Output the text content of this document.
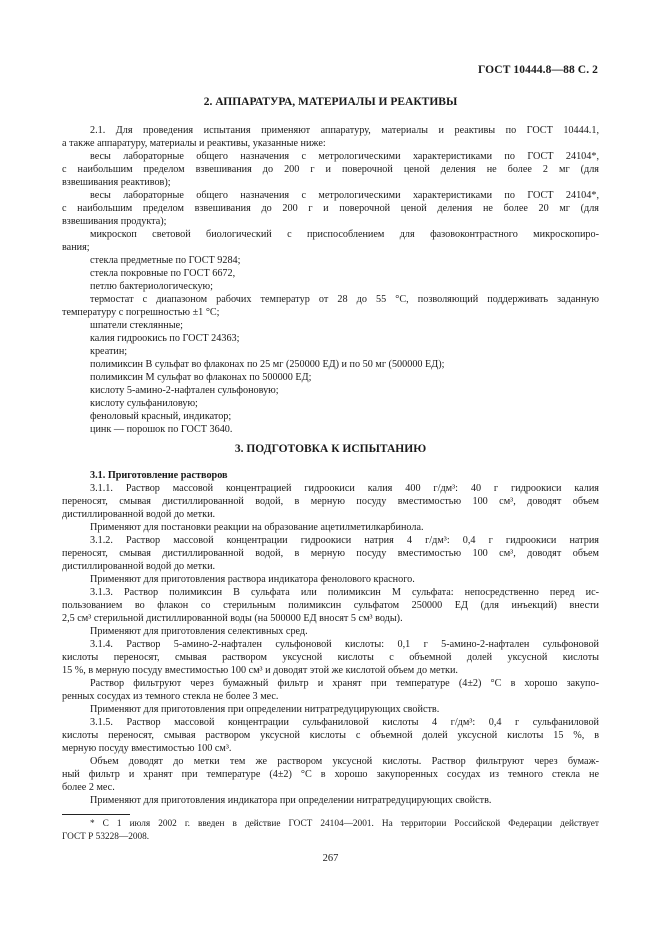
ГОСТ 10444.8—88 С. 2
2. АППАРАТУРА, МАТЕРИАЛЫ И РЕАКТИВЫ
2.1. Для проведения испытания применяют аппаратуру, материалы и реактивы по ГОСТ 10444.1,
а также аппаратуру, материалы и реактивы, указанные ниже:
весы лабораторные общего назначения с метрологическими характеристиками по ГОСТ 24104*,
с наибольшим пределом взвешивания до 200 г и поверочной ценой деления не более 2 мг (для
взвешивания реактивов);
весы лабораторные общего назначения с метрологическими характеристиками по ГОСТ 24104*,
с наибольшим пределом взвешивания до 200 г и поверочной ценой деления не более 20 мг (для
взвешивания продукта);
микроскоп световой биологический с приспособлением для фазовоконтрастного микроскопиро-
вания;
стекла предметные по ГОСТ 9284;
стекла покровные по ГОСТ 6672,
петлю бактериологическую;
термостат с диапазоном рабочих температур от 28 до 55 °С, позволяющий поддерживать заданную
температуру с погрешностью ±1 °С;
шпатели стеклянные;
калия гидроокись по ГОСТ 24363;
креатин;
полимиксин В сульфат во флаконах по 25 мг (250000 ЕД) и по 50 мг (500000 ЕД);
полимиксин М сульфат во флаконах по 500000 ЕД;
кислоту 5-амино-2-нафтален сульфоновую;
кислоту сульфаниловую;
феноловый красный, индикатор;
цинк — порошок по ГОСТ 3640.
3. ПОДГОТОВКА К ИСПЫТАНИЮ
3.1. Приготовление растворов
3.1.1. Раствор массовой концентрацией гидроокиси калия 400 г/дм³: 40 г гидроокиси калия
переносят, смывая дистиллированной водой, в мерную посуду вместимостью 100 см³, доводят объем
дистиллированной водой до метки.
Применяют для постановки реакции на образование ацетилметилкарбинола.
3.1.2. Раствор массовой концентрации гидроокиси натрия 4 г/дм³: 0,4 г гидроокиси натрия
переносят, смывая дистиллированной водой, в мерную посуду вместимостью 100 см³, доводят объем
дистиллированной водой до метки.
Применяют для приготовления раствора индикатора фенолового красного.
3.1.3. Раствор полимиксин В сульфата или полимиксин М сульфата: непосредственно перед ис-
пользованием во флакон со стерильным полимиксин сульфатом 250000 ЕД (для инъекций) внести
2,5 см³ стерильной дистиллированной воды (на 500000 ЕД вносят 5 см³ воды).
Применяют для приготовления селективных сред.
3.1.4. Раствор 5-амино-2-нафтален сульфоновой кислоты: 0,1 г 5-амино-2-нафтален сульфоновой
кислоты переносят, смывая раствором уксусной кислоты с объемной долей уксусной кислоты
15 %, в мерную посуду вместимостью 100 см³ и доводят этой же кислотой объем до метки.
Раствор фильтруют через бумажный фильтр и хранят при температуре (4±2) °С в хорошо закупо-
ренных сосудах из темного стекла не более 3 мес.
Применяют для приготовления при определении нитратредуцирующих свойств.
3.1.5. Раствор массовой концентрации сульфаниловой кислоты 4 г/дм³: 0,4 г сульфаниловой
кислоты переносят, смывая раствором уксусной кислоты с объемной долей уксусной кислоты 15 %, в
мерную посуду вместимостью 100 см³.
Объем доводят до метки тем же раствором уксусной кислоты. Раствор фильтруют через бумаж-
ный фильтр и хранят при температуре (4±2) °С в хорошо закупоренных сосудах из темного стекла не
более 2 мес.
Применяют для приготовления индикатора при определении нитратредуцирующих свойств.
* С 1 июля 2002 г. введен в действие ГОСТ 24104—2001. На территории Российской Федерации действует
ГОСТ Р 53228—2008.
267
